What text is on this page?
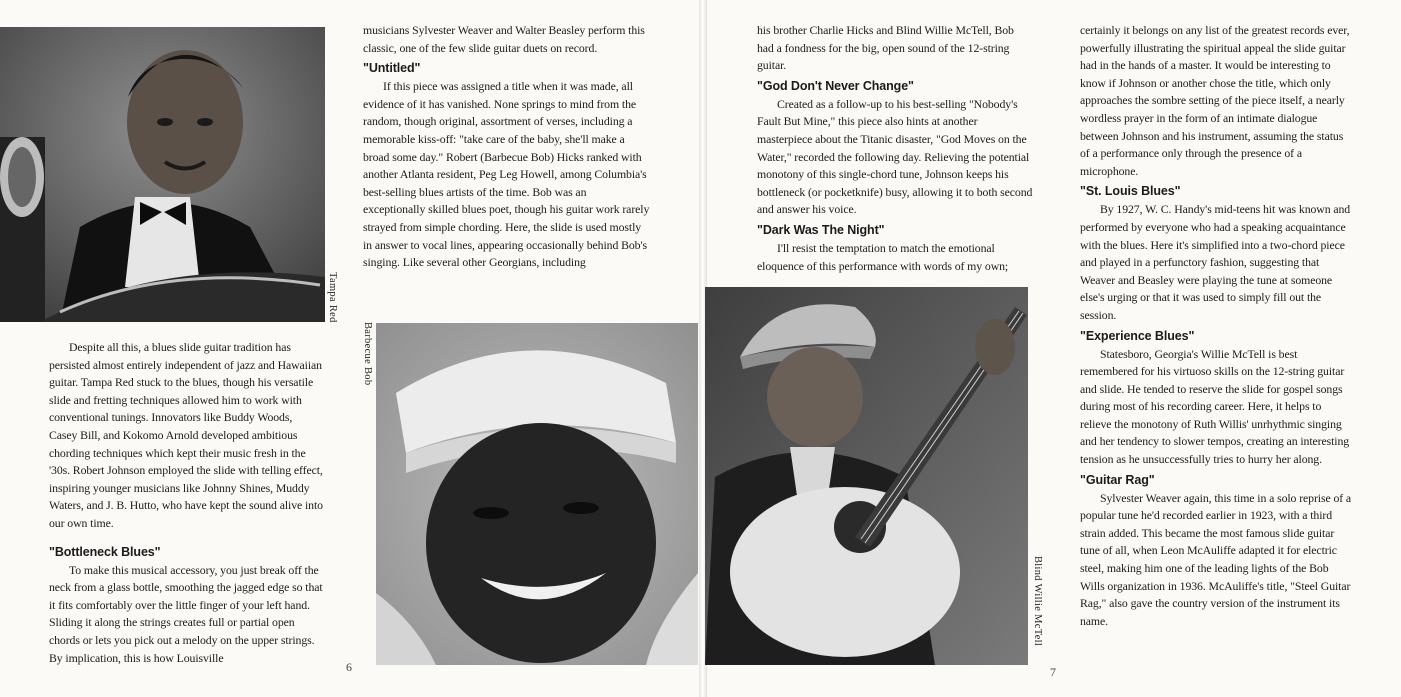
Tampa Red

Despite all this, a blues slide guitar tradition has persisted almost entirely independent of jazz and Hawaiian guitar. Tampa Red stuck to the blues, though his versatile slide and fretting techniques allowed him to work with conventional tunings. Innovators like Buddy Woods, Casey Bill, and Kokomo Arnold developed ambitious chording techniques which kept their music fresh in the '30s. Robert Johnson employed the slide with telling effect, inspiring younger musicians like Johnny Shines, Muddy Waters, and J. B. Hutto, who have kept the sound alive into our own time.

"Bottleneck Blues"

To make this musical accessory, you just break off the neck from a glass bottle, smoothing the jagged edge so that it fits comfortably over the little finger of your left hand. Sliding it along the strings creates full or partial open chords or lets you pick out a melody on the upper strings. By implication, this is how Louisville

musicians Sylvester Weaver and Walter Beasley perform this classic, one of the few slide guitar duets on record.

"Untitled"

If this piece was assigned a title when it was made, all evidence of it has vanished. None springs to mind from the random, though original, assortment of verses, including a memorable kiss-off: "take care of the baby, she'll make a broad some day." Robert (Barbecue Bob) Hicks ranked with another Atlanta resident, Peg Leg Howell, among Columbia's best-selling blues artists of the time. Bob was an exceptionally skilled blues poet, though his guitar work rarely strayed from simple chording. Here, the slide is used mostly in answer to vocal lines, appearing occasionally behind Bob's singing. Like several other Georgians, including

Barbecue Bob
6

his brother Charlie Hicks and Blind Willie McTell, Bob had a fondness for the big, open sound of the 12-string guitar.

"God Don't Never Change"

Created as a follow-up to his best-selling "Nobody's Fault But Mine," this piece also hints at another masterpiece about the Titanic disaster, "God Moves on the Water," recorded the following day. Relieving the potential monotony of this single-chord tune, Johnson keeps his bottleneck (or pocketknife) busy, allowing it to both second and answer his voice.

"Dark Was The Night"

I'll resist the temptation to match the emotional eloquence of this performance with words of my own;

Blind Willie McTell

certainly it belongs on any list of the greatest records ever, powerfully illustrating the spiritual appeal the slide guitar had in the hands of a master. It would be interesting to know if Johnson or another chose the title, which only approaches the sombre setting of the piece itself, a nearly wordless prayer in the form of an intimate dialogue between Johnson and his instrument, assuming the status of a performance only through the presence of a microphone.

"St. Louis Blues"

By 1927, W. C. Handy's mid-teens hit was known and performed by everyone who had a speaking acquaintance with the blues. Here it's simplified into a two-chord piece and played in a perfunctory fashion, suggesting that Weaver and Beasley were playing the tune at someone else's urging or that it was used to simply fill out the session.

"Experience Blues"

Statesboro, Georgia's Willie McTell is best remembered for his virtuoso skills on the 12-string guitar and slide. He tended to reserve the slide for gospel songs during most of his recording career. Here, it helps to relieve the monotony of Ruth Willis' unrhythmic singing and her tendency to slower tempos, creating an interesting tension as he unsuccessfully tries to hurry her along.

"Guitar Rag"

Sylvester Weaver again, this time in a solo reprise of a popular tune he'd recorded earlier in 1923, with a third strain added. This became the most famous slide guitar tune of all, when Leon McAuliffe adapted it for electric steel, making him one of the leading lights of the Bob Wills organization in 1936. McAuliffe's title, "Steel Guitar Rag," also gave the country version of the instrument its name.

7
